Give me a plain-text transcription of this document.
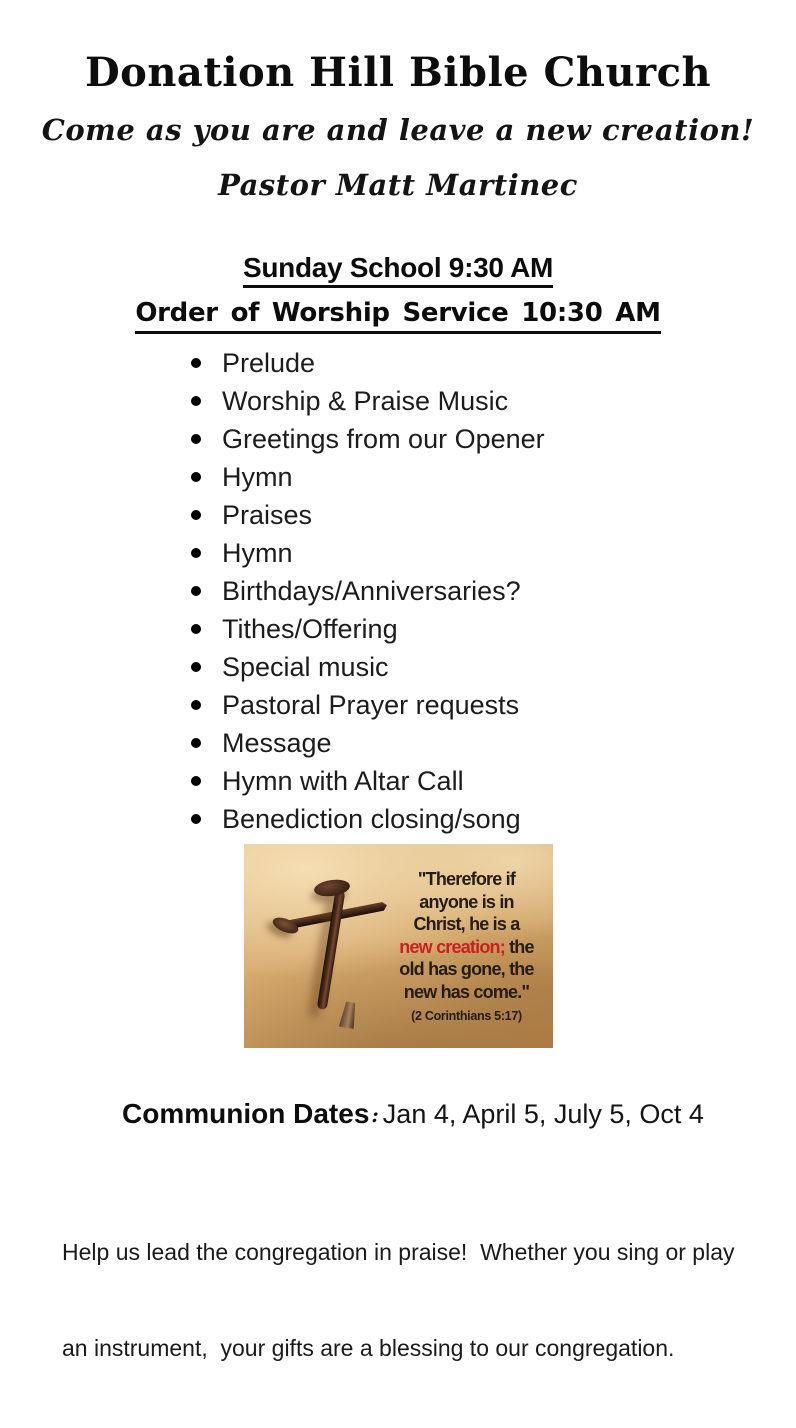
Donation Hill Bible Church
Come as you are and leave a new creation!
Pastor Matt Martinec
Sunday School 9:30 AM
Order of Worship Service 10:30 AM
Prelude
Worship & Praise Music
Greetings from our Opener
Hymn
Praises
Hymn
Birthdays/Anniversaries?
Tithes/Offering
Special music
Pastoral Prayer requests
Message
Hymn with Altar Call
Benediction closing/song
"Therefore if
anyone is in
Christ, he is a
new creation; the
old has gone, the
new has come."
(2 Corinthians 5:17)

Communion Dates : Jan 4, April 5, July 5, Oct 4

Help us lead the congregation in praise!  Whether you sing or play

an instrument,  your gifts are a blessing to our congregation.
